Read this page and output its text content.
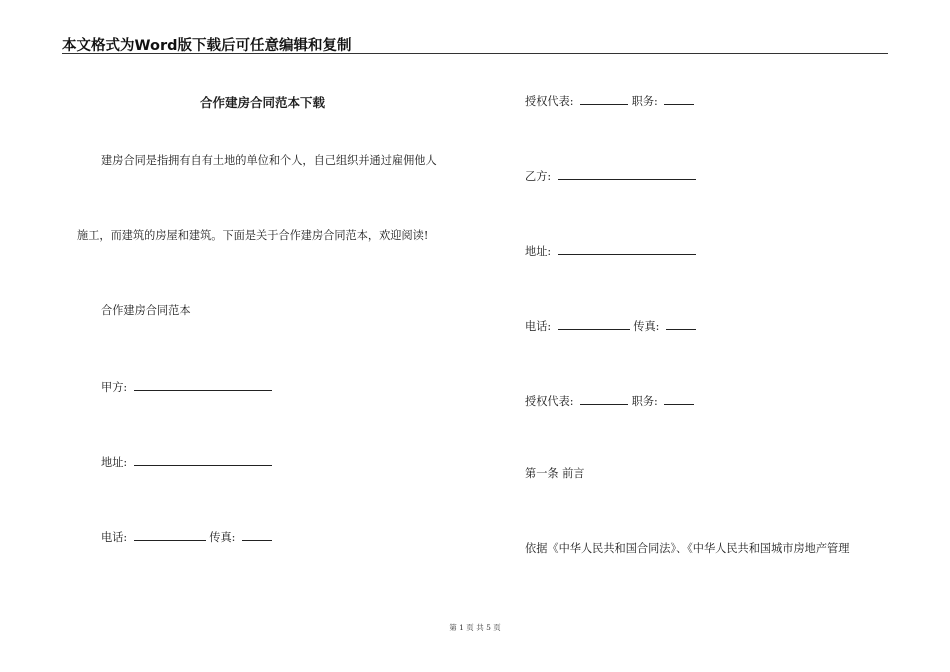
本文格式为Word版下载后可任意编辑和复制
合作建房合同范本下载
建房合同是指拥有自有土地的单位和个人，自己组织并通过雇佣他人
施工，而建筑的房屋和建筑。下面是关于合作建房合同范本，欢迎阅读!
合作建房合同范本
甲方:
地址:
电话:	传真:
授权代表:	职务:
乙方:
地址:
电话:	传真:
授权代表:	职务:
第一条 前言
依据《中华人民共和国合同法》、《中华人民共和国城市房地产管理
第 1 页 共 5 页
